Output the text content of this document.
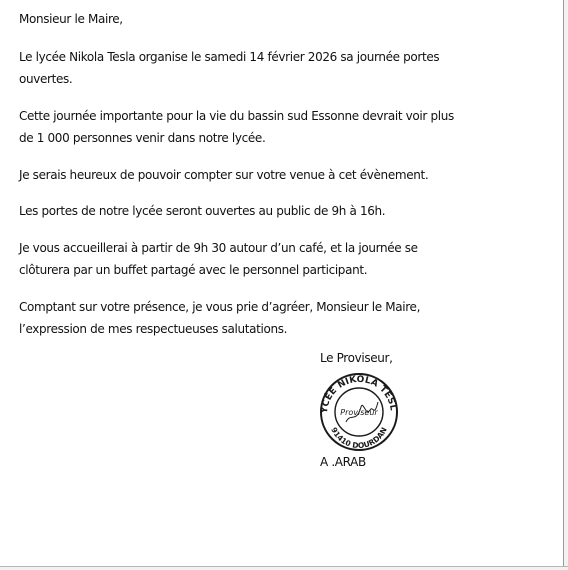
Monsieur le Maire,
Le lycée Nikola Tesla organise le samedi 14 février 2026 sa journée portes
ouvertes.
Cette journée importante pour la vie du bassin sud Essonne devrait voir plus
de 1 000 personnes venir dans notre lycée.
Je serais heureux de pouvoir compter sur votre venue à cet évènement.
Les portes de notre lycée seront ouvertes au public de 9h à 16h.
Je vous accueillerai à partir de 9h 30 autour d’un café, et la journée se
clôturera par un buffet partagé avec le personnel participant.
Comptant sur votre présence, je vous prie d’agréer, Monsieur le Maire,
l’expression de mes respectueuses salutations.
Le Proviseur,
YCÉE NIKOLA TESL
91410 DOURDAN
Proviseur
A .ARAB
